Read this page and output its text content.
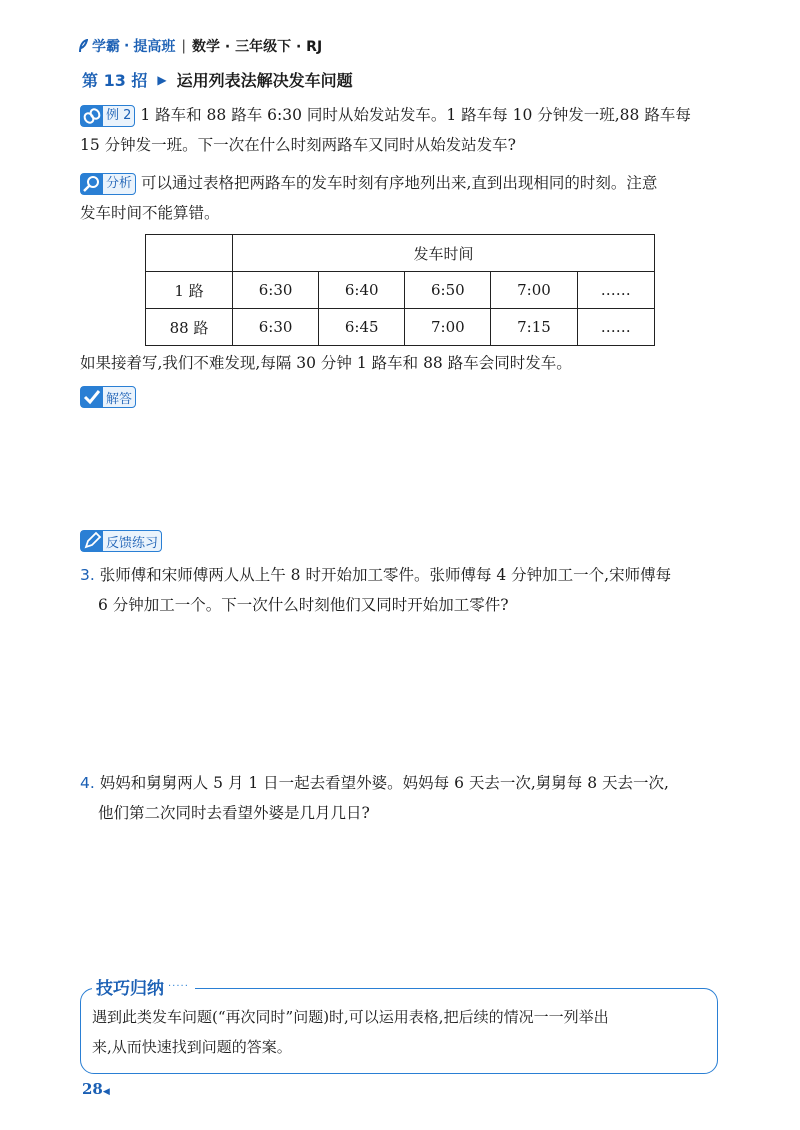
学霸 · 提高班 | 数学 · 三年级下 · RJ
第 13 招 ▶ 运用列表法解决发车问题
例 2 1 路车和 88 路车 6:30 同时从始发站发车。1 路车每 10 分钟发一班,88 路车每
15 分钟发一班。下一次在什么时刻两路车又同时从始发站发车?
分析 可以通过表格把两路车的发车时刻有序地列出来,直到出现相同的时刻。注意
发车时间不能算错。
	发车时间				
1 路	6:30	6:40	6:50	7:00	……
88 路	6:30	6:45	7:00	7:15	……
如果接着写,我们不难发现,每隔 30 分钟 1 路车和 88 路车会同时发车。
解答
反馈练习
3. 张师傅和宋师傅两人从上午 8 时开始加工零件。张师傅每 4 分钟加工一个,宋师傅每
6 分钟加工一个。下一次什么时刻他们又同时开始加工零件?
4. 妈妈和舅舅两人 5 月 1 日一起去看望外婆。妈妈每 6 天去一次,舅舅每 8 天去一次,
他们第二次同时去看望外婆是几月几日?
技巧归纳 ·····
遇到此类发车问题(“再次同时”问题)时,可以运用表格,把后续的情况一一列举出
来,从而快速找到问题的答案。
28◀
